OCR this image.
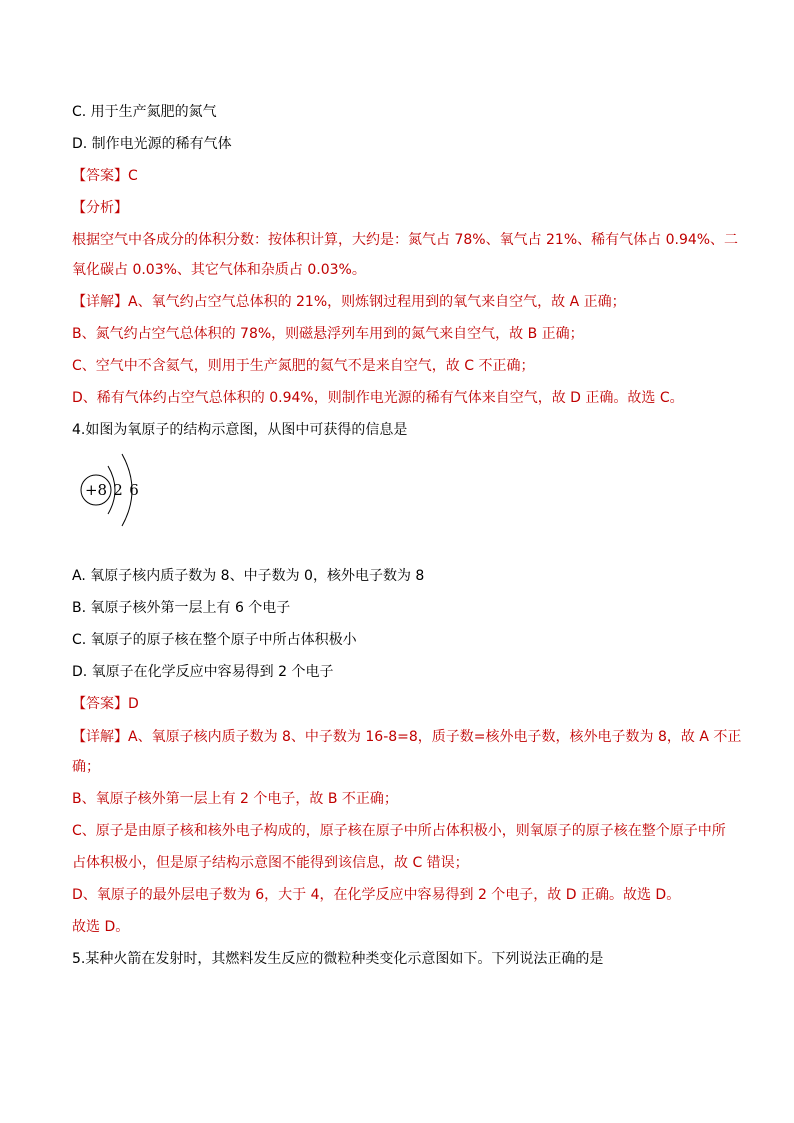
C. 用于生产氮肥的氮气
D. 制作电光源的稀有气体
【答案】C
【分析】
根据空气中各成分的体积分数：按体积计算，大约是：氮气占 78%、氧气占 21%、稀有气体占 0.94%、二
氧化碳占 0.03%、其它气体和杂质占 0.03%。
【详解】A、氧气约占空气总体积的 21%，则炼钢过程用到的氧气来自空气，故 A 正确；
B、氮气约占空气总体积的 78%，则磁悬浮列车用到的氮气来自空气，故 B 正确；
C、空气中不含氦气，则用于生产氮肥的氦气不是来自空气，故 C 不正确；
D、稀有气体约占空气总体积的 0.94%，则制作电光源的稀有气体来自空气，故 D 正确。故选 C。
4.如图为氧原子的结构示意图，从图中可获得的信息是
+8 2 6
A. 氧原子核内质子数为 8、中子数为 0，核外电子数为 8
B. 氧原子核外第一层上有 6 个电子
C. 氧原子的原子核在整个原子中所占体积极小
D. 氧原子在化学反应中容易得到 2 个电子
【答案】D
【详解】A、氧原子核内质子数为 8、中子数为 16-8=8，质子数=核外电子数，核外电子数为 8，故 A 不正
确；
B、氧原子核外第一层上有 2 个电子，故 B 不正确；
C、原子是由原子核和核外电子构成的，原子核在原子中所占体积极小，则氧原子的原子核在整个原子中所
占体积极小，但是原子结构示意图不能得到该信息，故 C 错误；
D、氧原子的最外层电子数为 6，大于 4，在化学反应中容易得到 2 个电子，故 D 正确。故选 D。
故选 D。
5.某种火箭在发射时，其燃料发生反应的微粒种类变化示意图如下。下列说法正确的是
